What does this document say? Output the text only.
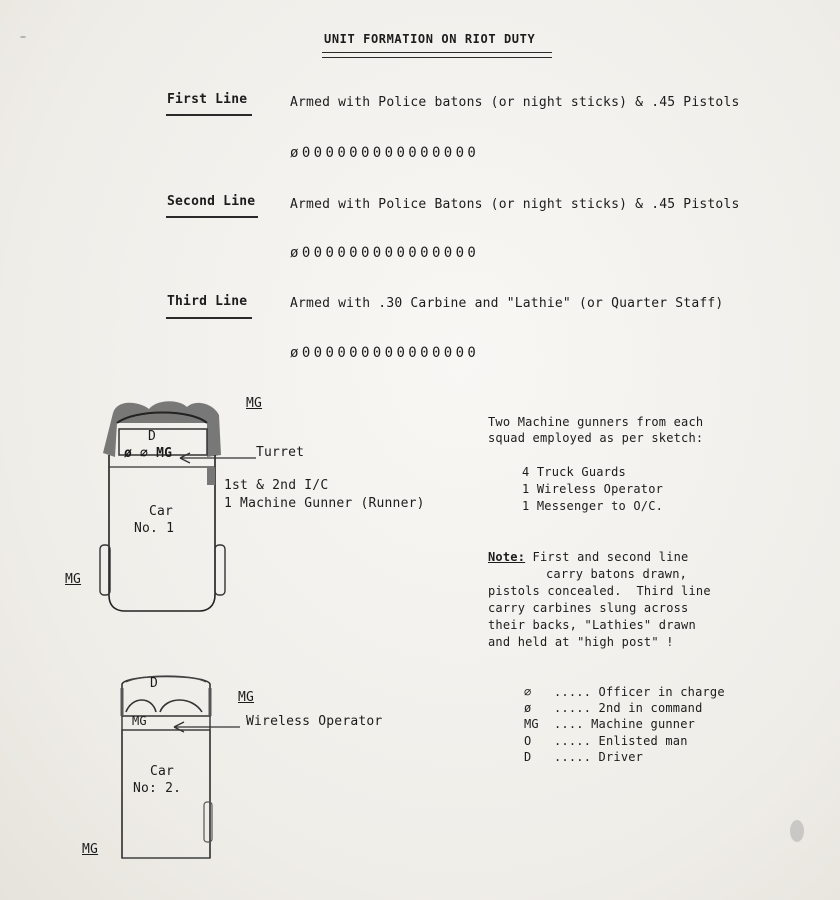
UNIT FORMATION ON RIOT DUTY
First Line	Armed with Police batons (or night sticks) & .45 Pistols
ø000000000000000
Second Line	Armed with Police Batons (or night sticks) & .45 Pistols
ø000000000000000
Third Line	Armed with .30 Carbine and "Lathie" (or Quarter Staff)
ø000000000000000
D
ø ∅ MG
MG
MG
Turret
1st & 2nd I/C
1 Machine Gunner (Runner)
Car
No. 1
D
MG
MG
MG
Wireless Operator
Car
No: 2.
Two Machine gunners from each
squad employed as per sketch:
4 Truck Guards
1 Wireless Operator
1 Messenger to O/C.
Note: First and second line
carry batons drawn,
pistols concealed.  Third line
carry carbines slung across
their backs, "Lathies" drawn
and held at "high post" !
∅ ..... Officer in charge
ø ..... 2nd in command
MG .... Machine gunner
O ..... Enlisted man
D ..... Driver
